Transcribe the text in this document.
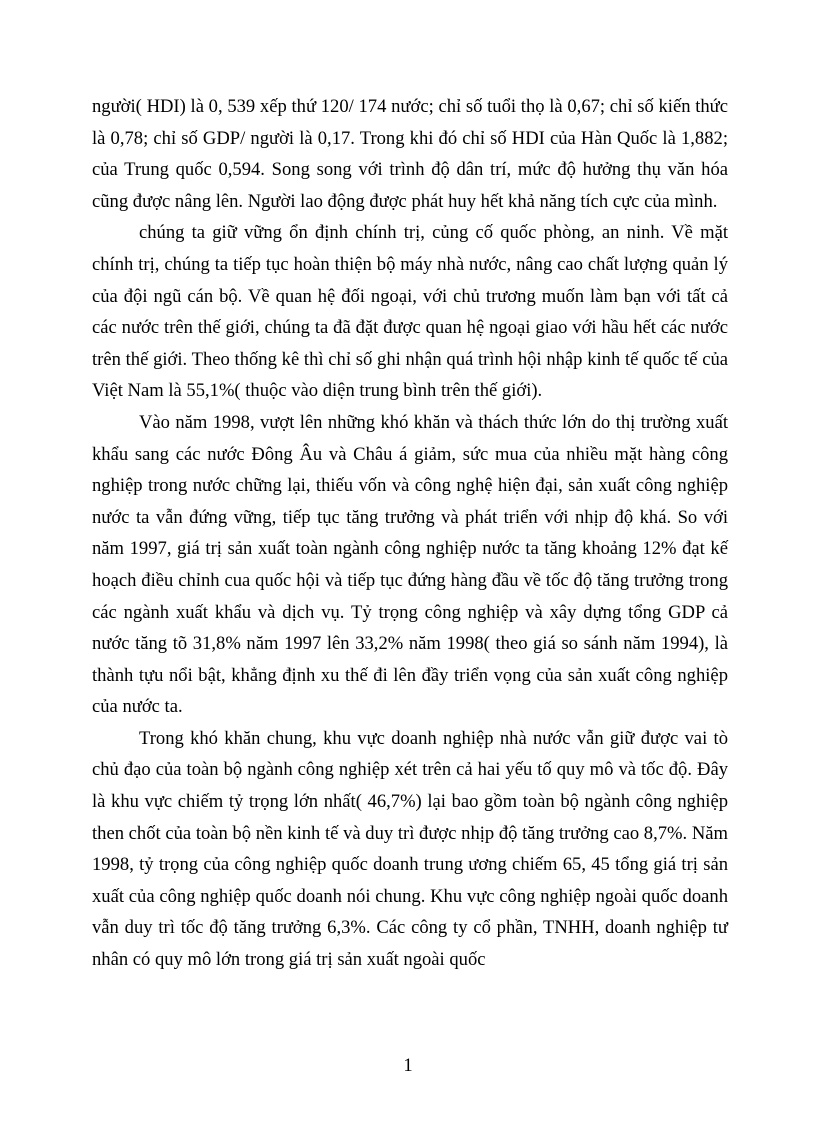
người( HDI) là 0, 539 xếp thứ 120/ 174 nước; chỉ số tuổi thọ là 0,67; chỉ số kiến thức là 0,78; chỉ số GDP/ người là 0,17. Trong khi đó chỉ số HDI của Hàn Quốc là 1,882; của Trung quốc 0,594. Song song với trình độ dân trí, mức độ hưởng thụ văn hóa cũng được nâng lên. Người lao động được phát huy hết khả năng tích cực của mình.

chúng ta giữ vững ổn định chính trị, củng cố quốc phòng, an ninh. Về mặt chính trị, chúng ta tiếp tục hoàn thiện bộ máy nhà nước, nâng cao chất lượng quản lý của đội ngũ cán bộ. Về quan hệ đối ngoại, với chủ trương muốn làm bạn với tất cả các nước trên thế giới, chúng ta đã đặt được quan hệ ngoại giao với hầu hết các nước trên thế giới. Theo thống kê thì chỉ số ghi nhận quá trình hội nhập kinh tế quốc tế của Việt Nam là 55,1%( thuộc vào diện trung bình trên thế giới).

Vào năm 1998, vượt lên những khó khăn và thách thức lớn do thị trường xuất khẩu sang các nước Đông Âu và Châu á giảm, sức mua của nhiều mặt hàng công nghiệp trong nước chững lại, thiếu vốn và công nghệ hiện đại, sản xuất công nghiệp nước ta vẫn đứng vững, tiếp tục tăng trưởng và phát triển với nhịp độ khá. So với năm 1997, giá trị sản xuất toàn ngành công nghiệp nước ta tăng khoảng 12% đạt kế hoạch điều chỉnh cua quốc hội và tiếp tục đứng hàng đầu về tốc độ tăng trưởng trong các ngành xuất khẩu và dịch vụ. Tỷ trọng công nghiệp và xây dựng tổng GDP cả nước tăng tõ 31,8% năm 1997 lên 33,2% năm 1998( theo giá so sánh năm 1994), là thành tựu nổi bật, khẳng định xu thế đi lên đầy triển vọng của sản xuất công nghiệp của nước ta.

Trong khó khăn chung, khu vực doanh nghiệp nhà nước vẫn giữ được vai tò chủ đạo của toàn bộ ngành công nghiệp xét trên cả hai yếu tố quy mô và tốc độ. Đây là khu vực chiếm tỷ trọng lớn nhất( 46,7%) lại bao gồm toàn bộ ngành công nghiệp then chốt của toàn bộ nền kinh tế và duy trì được nhịp độ tăng trưởng cao 8,7%. Năm 1998, tỷ trọng của công nghiệp quốc doanh trung ương chiếm 65, 45 tổng giá trị sản xuất của công nghiệp quốc doanh nói chung. Khu vực công nghiệp ngoài quốc doanh vẫn duy trì tốc độ tăng trưởng 6,3%. Các công ty cổ phần, TNHH, doanh nghiệp tư nhân có quy mô lớn trong giá trị sản xuất ngoài quốc

1
